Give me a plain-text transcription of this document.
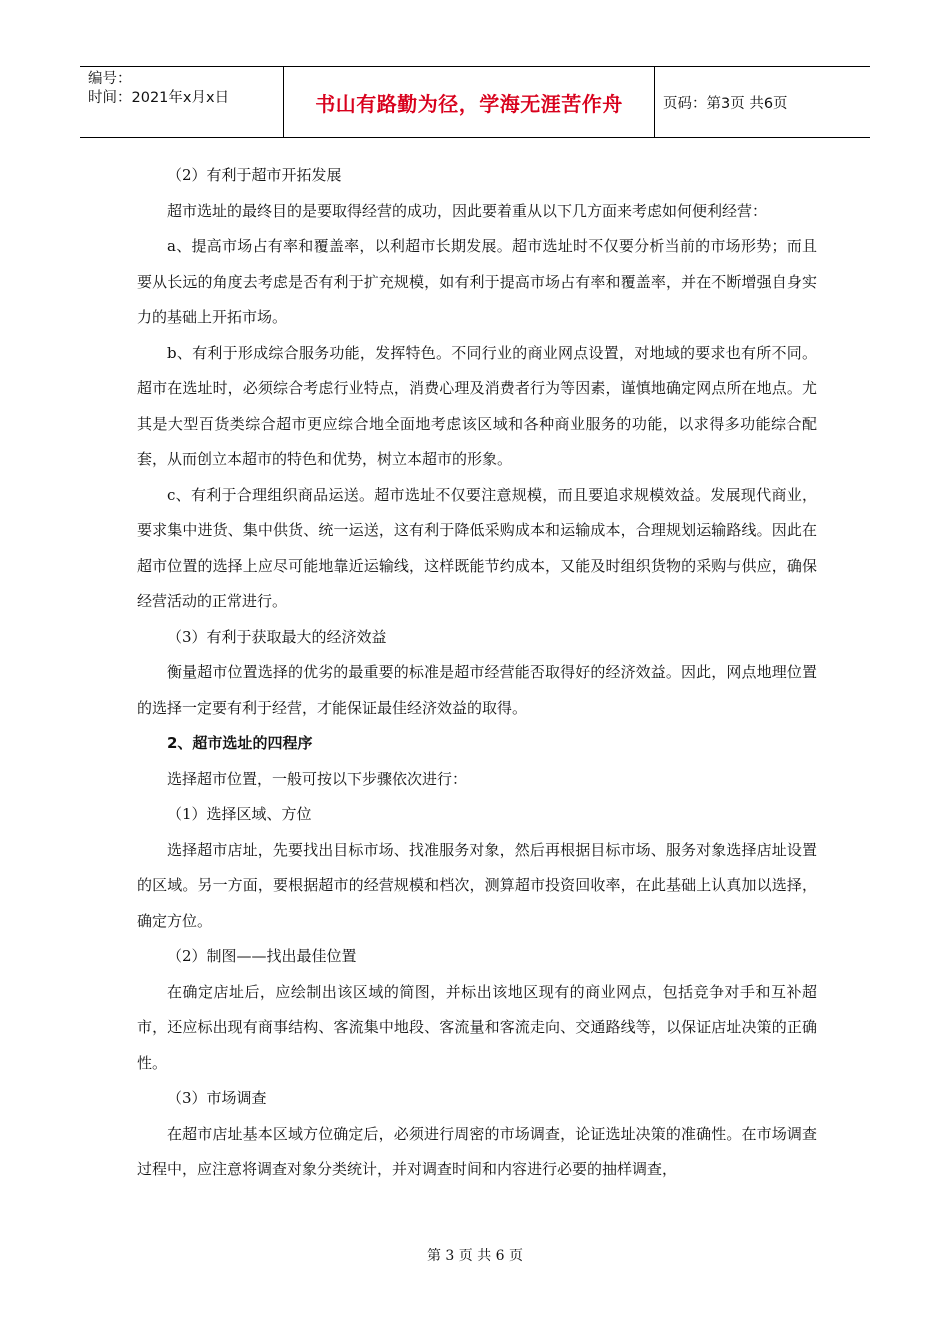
编号：
时间：2021年x月x日	书山有路勤为径，学海无涯苦作舟	页码：第3页 共6页

（2）有利于超市开拓发展

超市选址的最终目的是要取得经营的成功，因此要着重从以下几方面来考虑如何便利经营：

a、提高市场占有率和覆盖率，以利超市长期发展。超市选址时不仅要分析当前的市场形势；而且要从长远的角度去考虑是否有利于扩充规模，如有利于提高市场占有率和覆盖率，并在不断增强自身实力的基础上开拓市场。

b、有利于形成综合服务功能，发挥特色。不同行业的商业网点设置，对地域的要求也有所不同。超市在选址时，必须综合考虑行业特点，消费心理及消费者行为等因素，谨慎地确定网点所在地点。尤其是大型百货类综合超市更应综合地全面地考虑该区域和各种商业服务的功能，以求得多功能综合配套，从而创立本超市的特色和优势，树立本超市的形象。

c、有利于合理组织商品运送。超市选址不仅要注意规模，而且要追求规模效益。发展现代商业，要求集中进货、集中供货、统一运送，这有利于降低采购成本和运输成本，合理规划运输路线。因此在超市位置的选择上应尽可能地靠近运输线，这样既能节约成本，又能及时组织货物的采购与供应，确保经营活动的正常进行。

（3）有利于获取最大的经济效益

衡量超市位置选择的优劣的最重要的标准是超市经营能否取得好的经济效益。因此，网点地理位置的选择一定要有利于经营，才能保证最佳经济效益的取得。

2、超市选址的四程序

选择超市位置，一般可按以下步骤依次进行：

（1）选择区域、方位

选择超市店址，先要找出目标市场、找准服务对象，然后再根据目标市场、服务对象选择店址设置的区域。另一方面，要根据超市的经营规模和档次，测算超市投资回收率，在此基础上认真加以选择，确定方位。

（2）制图——找出最佳位置

在确定店址后，应绘制出该区域的简图，并标出该地区现有的商业网点，包括竞争对手和互补超市，还应标出现有商事结构、客流集中地段、客流量和客流走向、交通路线等，以保证店址决策的正确性。

（3）市场调查

在超市店址基本区域方位确定后，必须进行周密的市场调查，论证选址决策的准确性。在市场调查过程中，应注意将调查对象分类统计，并对调查时间和内容进行必要的抽样调查，

第 3 页 共 6 页
